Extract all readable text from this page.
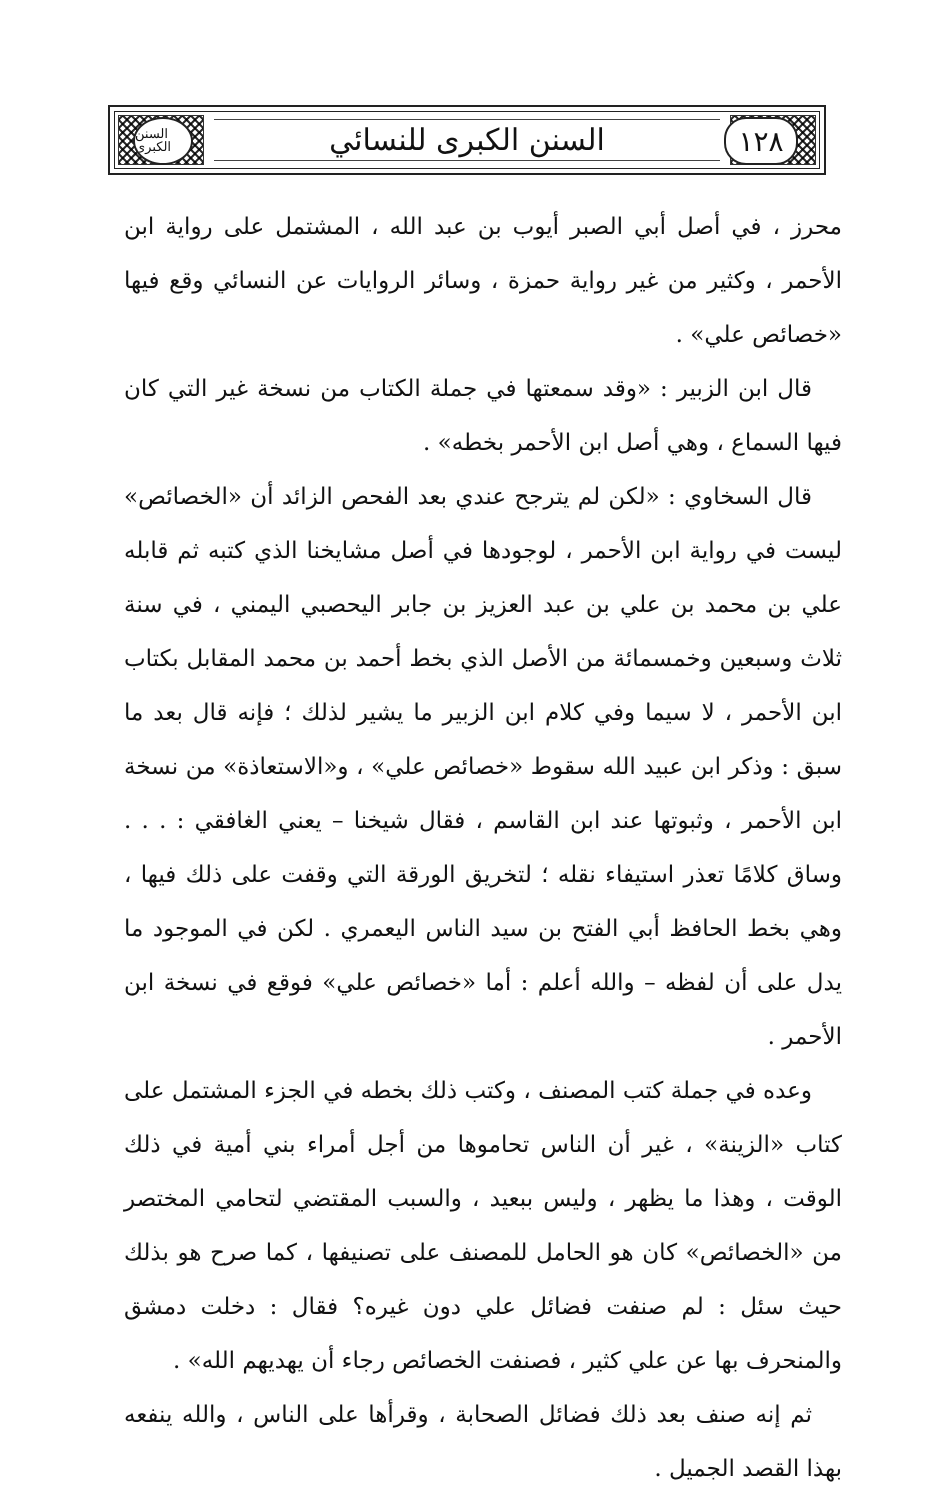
السنن الكبرى	السنن الكبرى للنسائي	١٢٨

محرز ، في أصل أبي الصبر أيوب بن عبد الله ، المشتمل على رواية ابن الأحمر ، وكثير من غير رواية حمزة ، وسائر الروايات عن النسائي وقع فيها «خصائص علي» .

قال ابن الزبير : «وقد سمعتها في جملة الكتاب من نسخة غير التي كان فيها السماع ، وهي أصل ابن الأحمر بخطه» .

قال السخاوي : «لكن لم يترجح عندي بعد الفحص الزائد أن «الخصائص» ليست في رواية ابن الأحمر ، لوجودها في أصل مشايخنا الذي كتبه ثم قابله علي بن محمد بن علي بن عبد العزيز بن جابر اليحصبي اليمني ، في سنة ثلاث وسبعين وخمسمائة من الأصل الذي بخط أحمد بن محمد المقابل بكتاب ابن الأحمر ، لا سيما وفي كلام ابن الزبير ما يشير لذلك ؛ فإنه قال بعد ما سبق : وذكر ابن عبيد الله سقوط «خصائص علي» ، و«الاستعاذة» من نسخة ابن الأحمر ، وثبوتها عند ابن القاسم ، فقال شيخنا – يعني الغافقي : . . . وساق كلامًا تعذر استيفاء نقله ؛ لتخريق الورقة التي وقفت على ذلك فيها ، وهي بخط الحافظ أبي الفتح بن سيد الناس اليعمري . لكن في الموجود ما يدل على أن لفظه – والله أعلم : أما «خصائص علي» فوقع في نسخة ابن الأحمر .

وعده في جملة كتب المصنف ، وكتب ذلك بخطه في الجزء المشتمل على كتاب «الزينة» ، غير أن الناس تحاموها من أجل أمراء بني أمية في ذلك الوقت ، وهذا ما يظهر ، وليس ببعيد ، والسبب المقتضي لتحامي المختصر من «الخصائص» كان هو الحامل للمصنف على تصنيفها ، كما صرح هو بذلك حيث سئل : لم صنفت فضائل علي دون غيره؟ فقال : دخلت دمشق والمنحرف بها عن علي كثير ، فصنفت الخصائص رجاء أن يهديهم الله» .

ثم إنه صنف بعد ذلك فضائل الصحابة ، وقرأها على الناس ، والله ينفعه بهذا القصد الجميل .
